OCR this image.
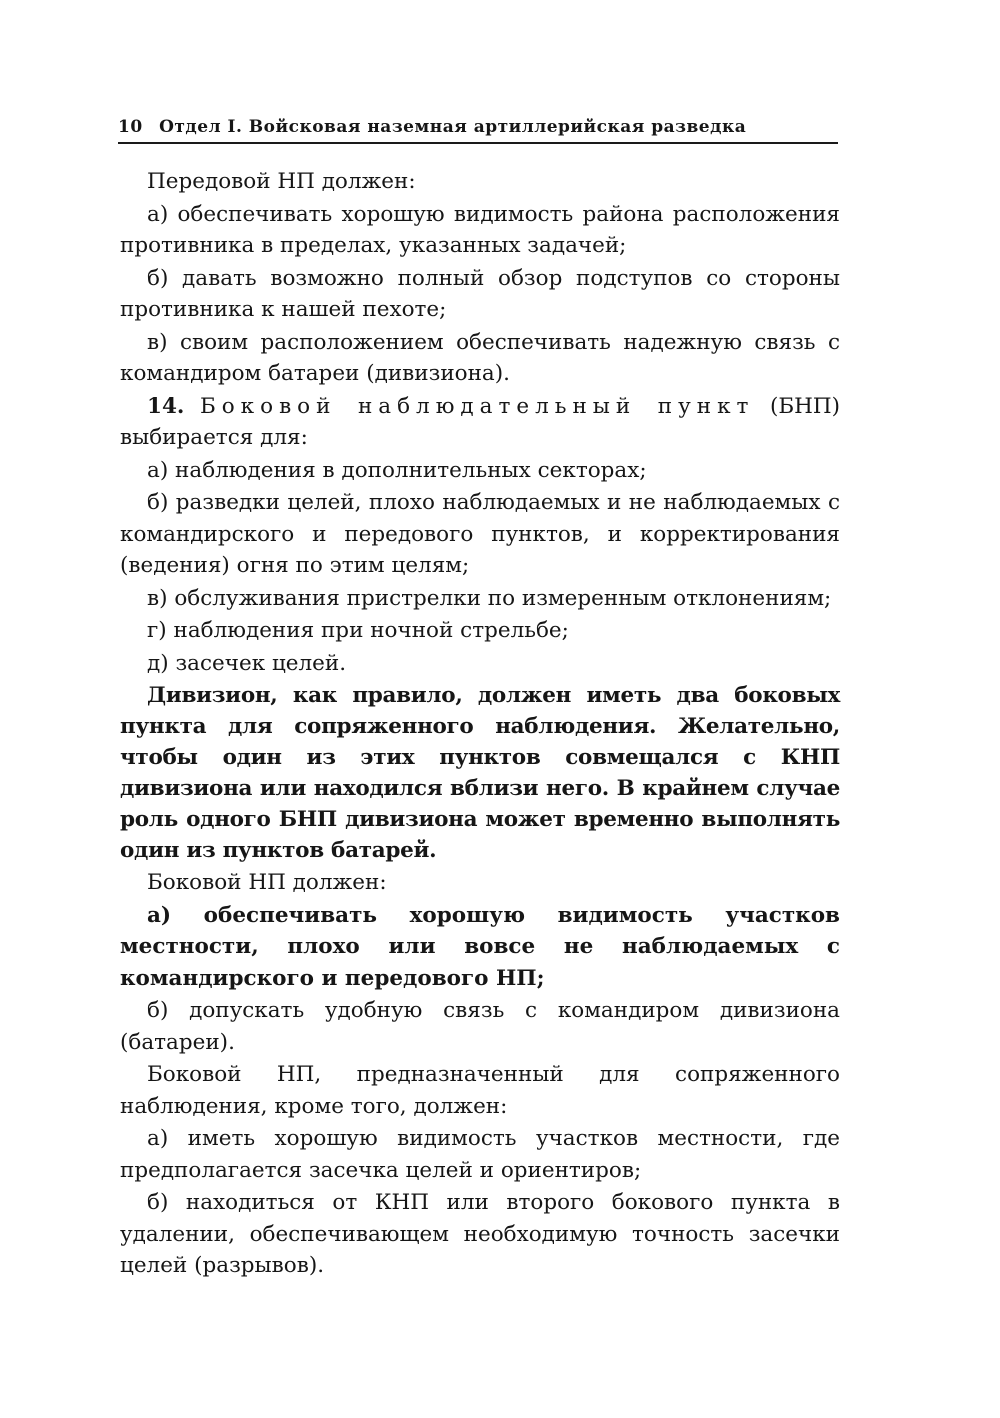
10 Отдел I. Войсковая наземная артиллерийская разведка

Передовой НП должен:

а) обеспечивать хорошую видимость района расположения противника в пределах, указанных задачей;

б) давать возможно полный обзор подступов со стороны противника к нашей пехоте;

в) своим расположением обеспечивать надежную связь с командиром батареи (дивизиона).

14. Боковой наблюдательный пункт (БНП) выбирается для:

а) наблюдения в дополнительных секторах;

б) разведки целей, плохо наблюдаемых и не наблюдаемых с командирского и передового пунктов, и корректирования (ведения) огня по этим целям;

в) обслуживания пристрелки по измеренным отклонениям;

г) наблюдения при ночной стрельбе;

д) засечек целей.

Дивизион, как правило, должен иметь два боковых пункта для сопряженного наблюдения. Желательно, чтобы один из этих пунктов совмещался с КНП дивизиона или находился вблизи него. В крайнем случае роль одного БНП дивизиона может временно выполнять один из пунктов батарей.

Боковой НП должен:

а) обеспечивать хорошую видимость участков местности, плохо или вовсе не наблюдаемых с командирского и передового НП;

б) допускать удобную связь с командиром дивизиона (батареи).

Боковой НП, предназначенный для сопряженного наблюдения, кроме того, должен:

а) иметь хорошую видимость участков местности, где предполагается засечка целей и ориентиров;

б) находиться от КНП или второго бокового пункта в удалении, обеспечивающем необходимую точность засечки целей (разрывов).
